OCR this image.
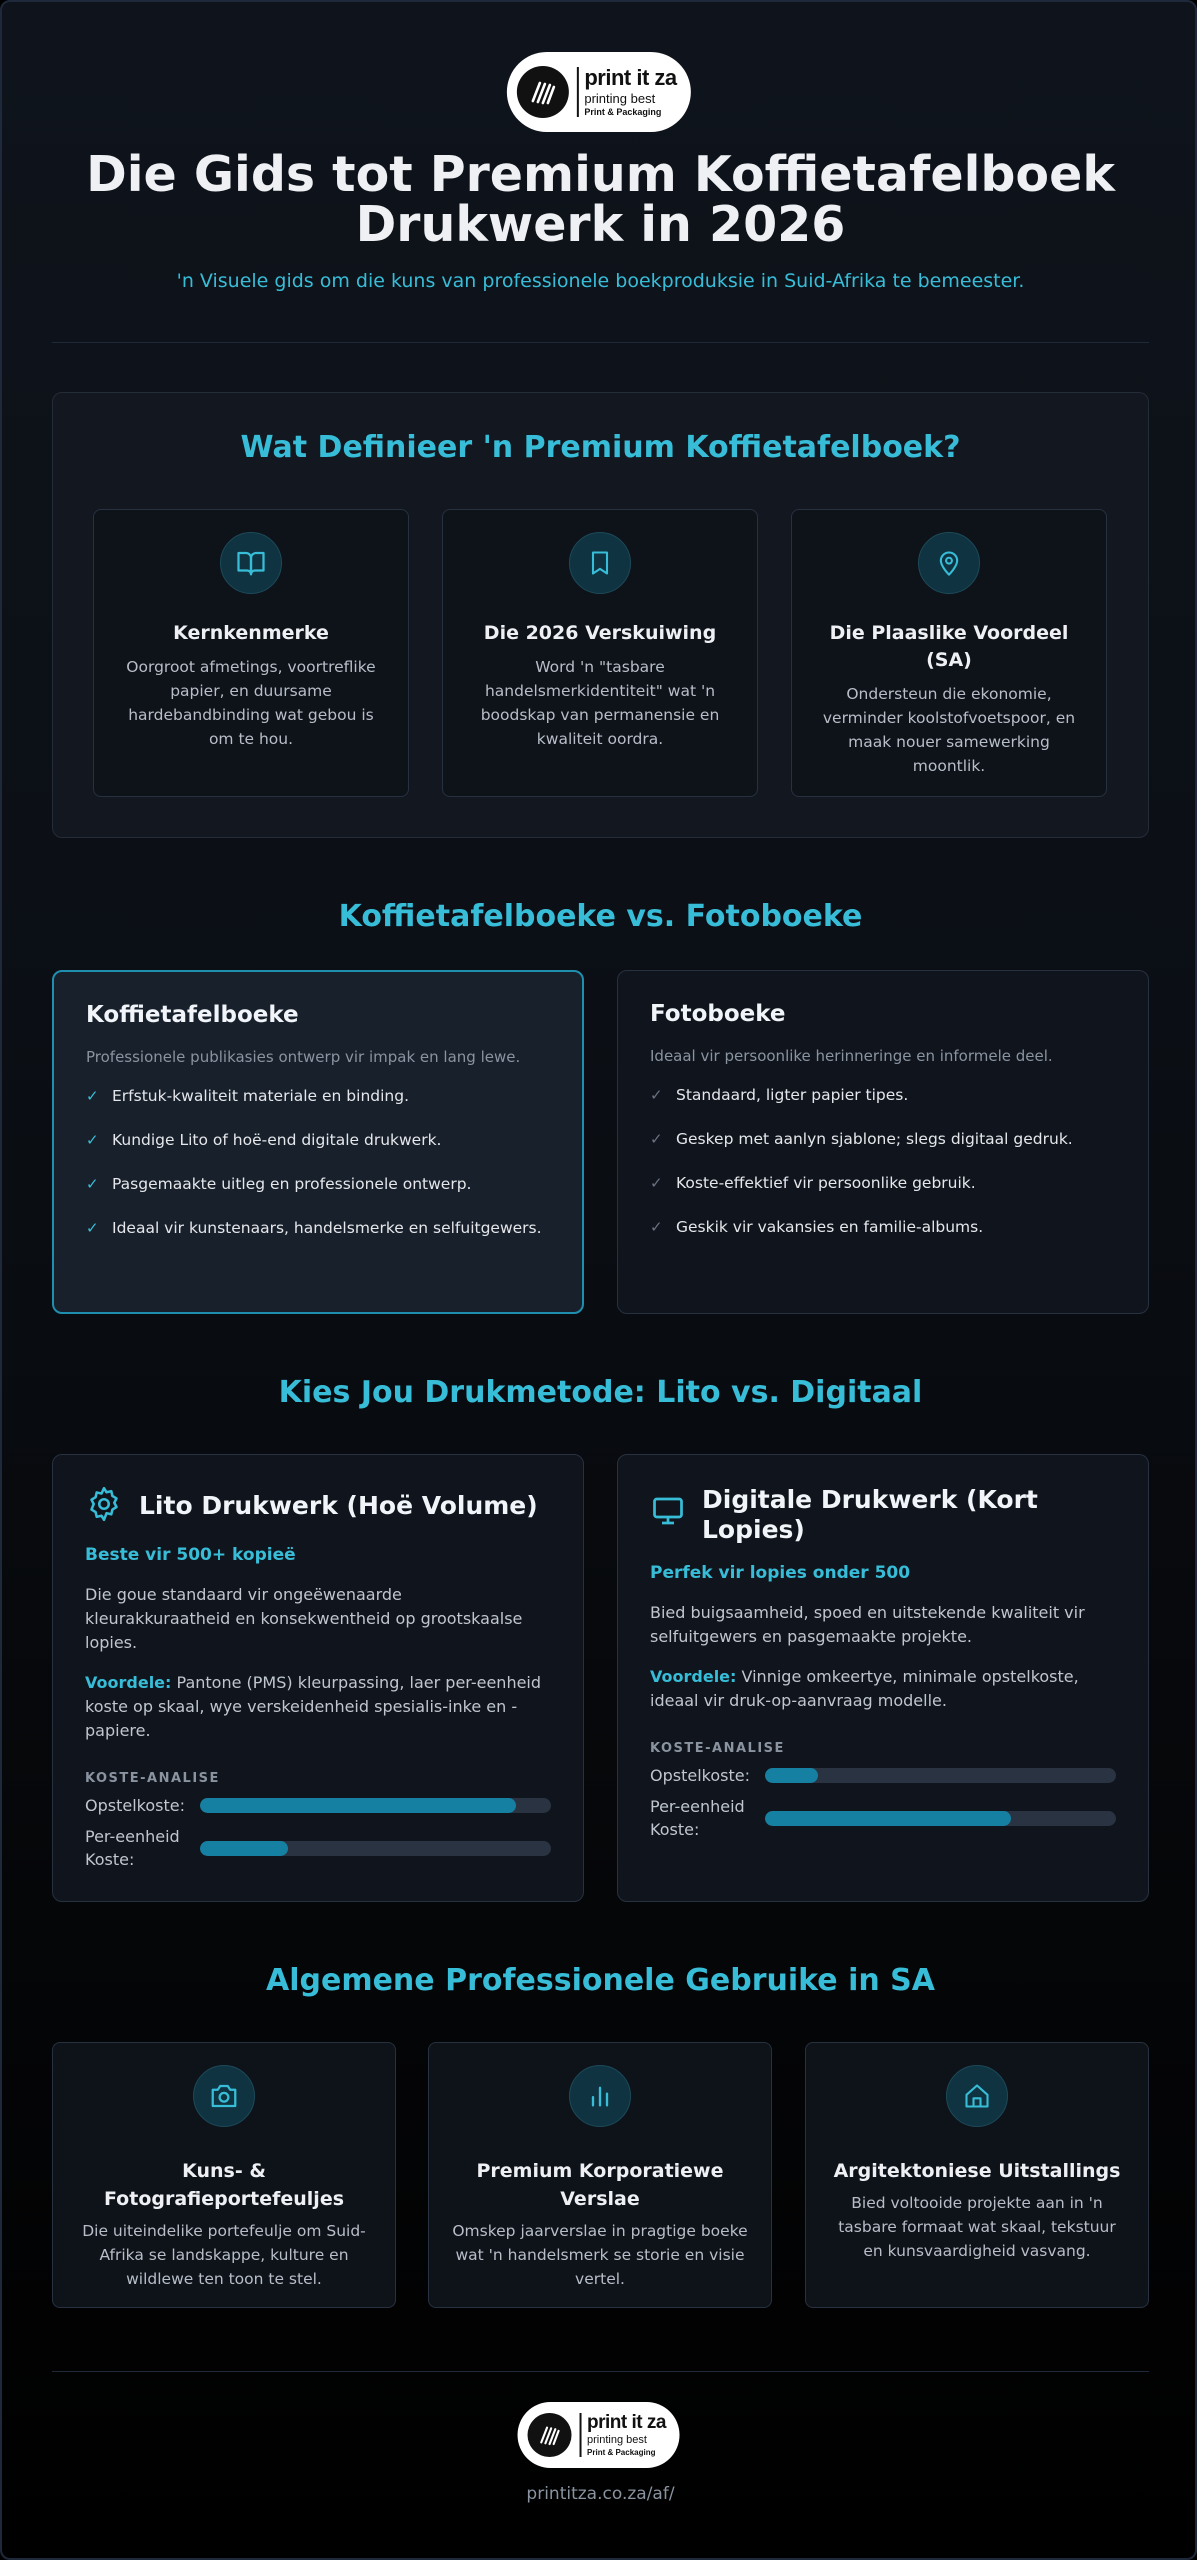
print it za
printing best
Print & Packaging
Die Gids tot Premium Koffietafelboek Drukwerk in 2026
'n Visuele gids om die kuns van professionele boekproduksie in Suid-Afrika te bemeester.
Wat Definieer 'n Premium Koffietafelboek?
Kernkenmerke

Oorgroot afmetings, voortreflike papier, en duursame hardebandbinding wat gebou is om te hou.

Die 2026 Verskuiwing

Word 'n "tasbare handelsmerkidentiteit" wat 'n boodskap van permanensie en kwaliteit oordra.

Die Plaaslike Voordeel (SA)

Ondersteun die ekonomie, verminder koolstofvoetspoor, en maak nouer samewerking moontlik.

Koffietafelboeke vs. Fotoboeke
Koffietafelboeke
Professionele publikasies ontwerp vir impak en lang lewe.
✓ Erfstuk-kwaliteit materiale en binding.
✓ Kundige Lito of hoë-end digitale drukwerk.
✓ Pasgemaakte uitleg en professionele ontwerp.
✓ Ideaal vir kunstenaars, handelsmerke en selfuitgewers.
Fotoboeke
Ideaal vir persoonlike herinneringe en informele deel.
✓ Standaard, ligter papier tipes.
✓ Geskep met aanlyn sjablone; slegs digitaal gedruk.
✓ Koste-effektief vir persoonlike gebruik.
✓ Geskik vir vakansies en familie-albums.
Kies Jou Drukmetode: Lito vs. Digitaal
Lito Drukwerk (Hoë Volume)
Beste vir 500+ kopieë
Die goue standaard vir ongeëwenaarde kleurakkuraatheid en konsekwentheid op grootskaalse lopies.
Voordele: Pantone (PMS) kleurpassing, laer per-eenheid koste op skaal, wye verskeidenheid spesialis-inke en -papiere.
KOSTE-ANALISE
Opstelkoste:
Per-eenheid Koste:
Digitale Drukwerk (Kort Lopies)
Perfek vir lopies onder 500
Bied buigsaamheid, spoed en uitstekende kwaliteit vir selfuitgewers en pasgemaakte projekte.
Voordele: Vinnige omkeertye, minimale opstelkoste, ideaal vir druk-op-aanvraag modelle.
KOSTE-ANALISE
Opstelkoste:
Per-eenheid Koste:
Algemene Professionele Gebruike in SA
Kuns- & Fotografieportefeuljes

Die uiteindelike portefeulje om Suid-Afrika se landskappe, kulture en wildlewe ten toon te stel.

Premium Korporatiewe Verslae

Omskep jaarverslae in pragtige boeke wat 'n handelsmerk se storie en visie vertel.

Argitektoniese Uitstallings

Bied voltooide projekte aan in 'n tasbare formaat wat skaal, tekstuur en kunsvaardigheid vasvang.

print it za
printing best
Print & Packaging
printitza.co.za/af/
